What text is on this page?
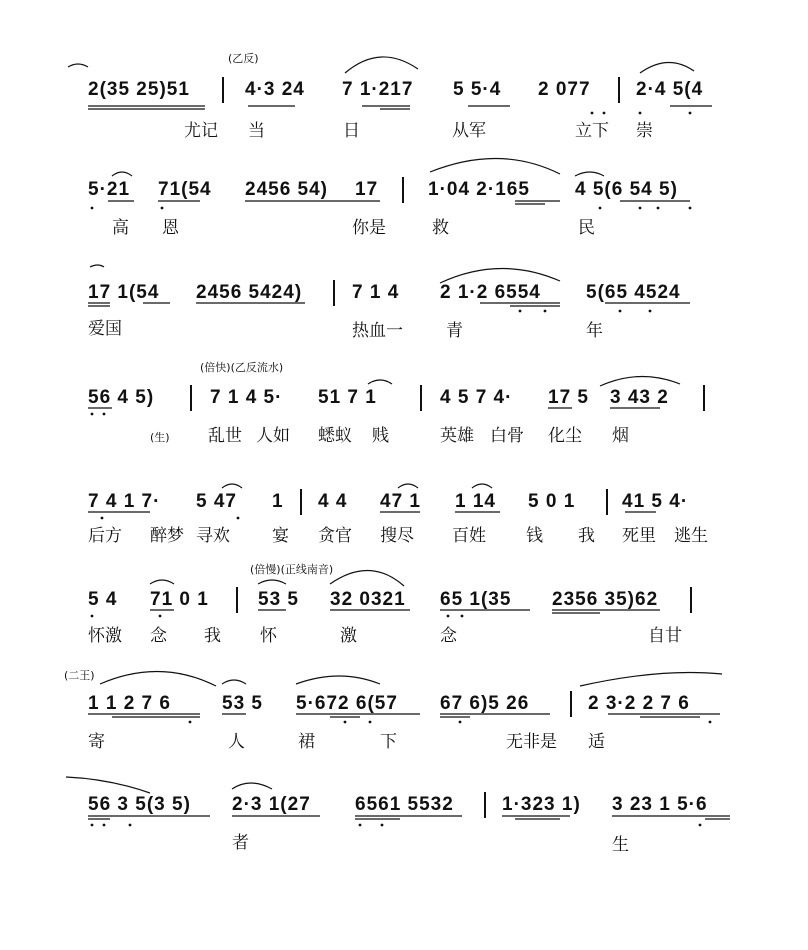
(乙反)
2(35 25)51	4·3 24 7 1·217 5 5·4 2 077 2·4 5(4
尤记 当	日	从军	立下 崇
5·21 71(54 2456 54) 17	1·04 2·165 4 5(6 54 5)
高 恩	你是	救	民
17 1(54 2456 5424)	7 1 4 2 1·2 6554 5(65 4524
爱国	热血一	青	年
(倍快)(乙反流水)
56 4 5)	7 1 4 5· 51 7 1	4 5 7 4· 17 5 3 43 2
(生) 乱世 人如 蟋蚁 贱	英雄 白骨 化尘 烟
7 4 1 7· 5 47 1 4 4 47 1 1 14 5 0 1 41 5 4·
后方 醉梦 寻欢 宴 贪官 搜尽 百姓 钱 我 死里 逃生
(倍慢)(正线南音)
5 4 71 0 1	53 5 32 0321 65 1(35 2356 35)62
怀激 念 我 怀	激	念	自甘
(二王)
1 1 2 7 6	53 5 5·672 6(57 67 6)5 26	2 3·2 2 7 6
寄	人	裙	下	无非是 适
56 3 5(3 5) 2·3 1(27 6561 5532	1·323 1) 3 23 1 5·6
者	生
